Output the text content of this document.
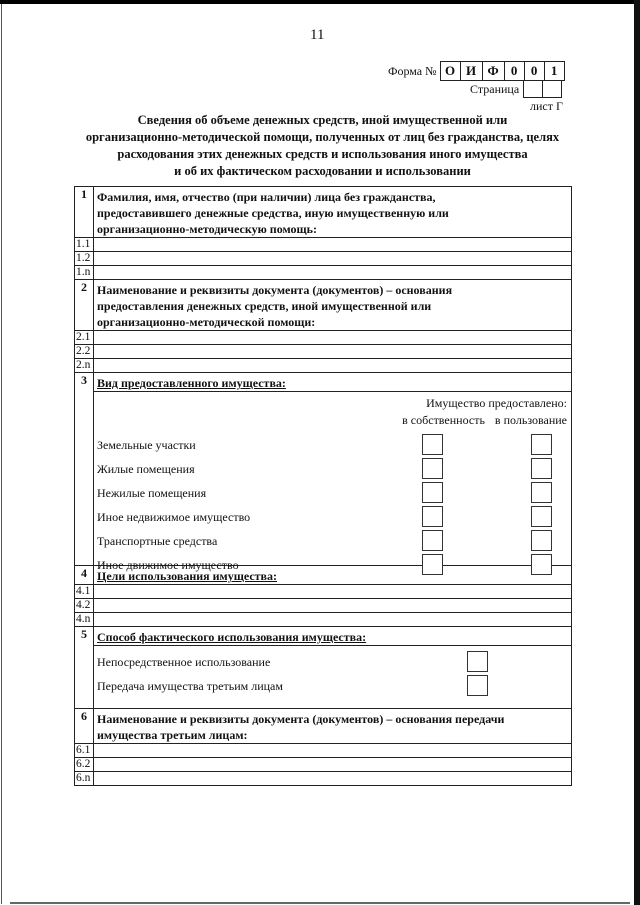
11
Форма № О И Ф 0	0	1
Страница
лист Г
Сведения об объеме денежных средств, иной имущественной или
организационно-методической помощи, полученных от лиц без гражданства, целях
расходования этих денежных средств и использования иного имущества
и об их фактическом расходовании и использовании
1	Фамилия, имя, отчество (при наличии) лица без гражданства,
предоставившего денежные средства, иную имущественную или
организационно-методическую помощь:

1.1	
1.2	
1.n	
2	Наименование и реквизиты документа (документов) – основания
предоставления денежных средств, иной имущественной или
организационно-методической помощи:

2.1	
2.2	
2.n	
3	Вид предоставленного имущества:

Имущество предоставлено:
в собственность в пользование
Земельные участки
Жилые помещения
Нежилые помещения
Иное недвижимое имущество
Транспортные средства
Иное движимое имущество

4	Цели использования имущества:
4.1	
4.2	
4.n	
5	Способ фактического использования имущества:

	Непосредственное использование
Передача имущества третьим лицам

6	Наименование и реквизиты документа (документов) – основания передачи
имущества третьим лицам:

6.1	
6.2	
6.n	
